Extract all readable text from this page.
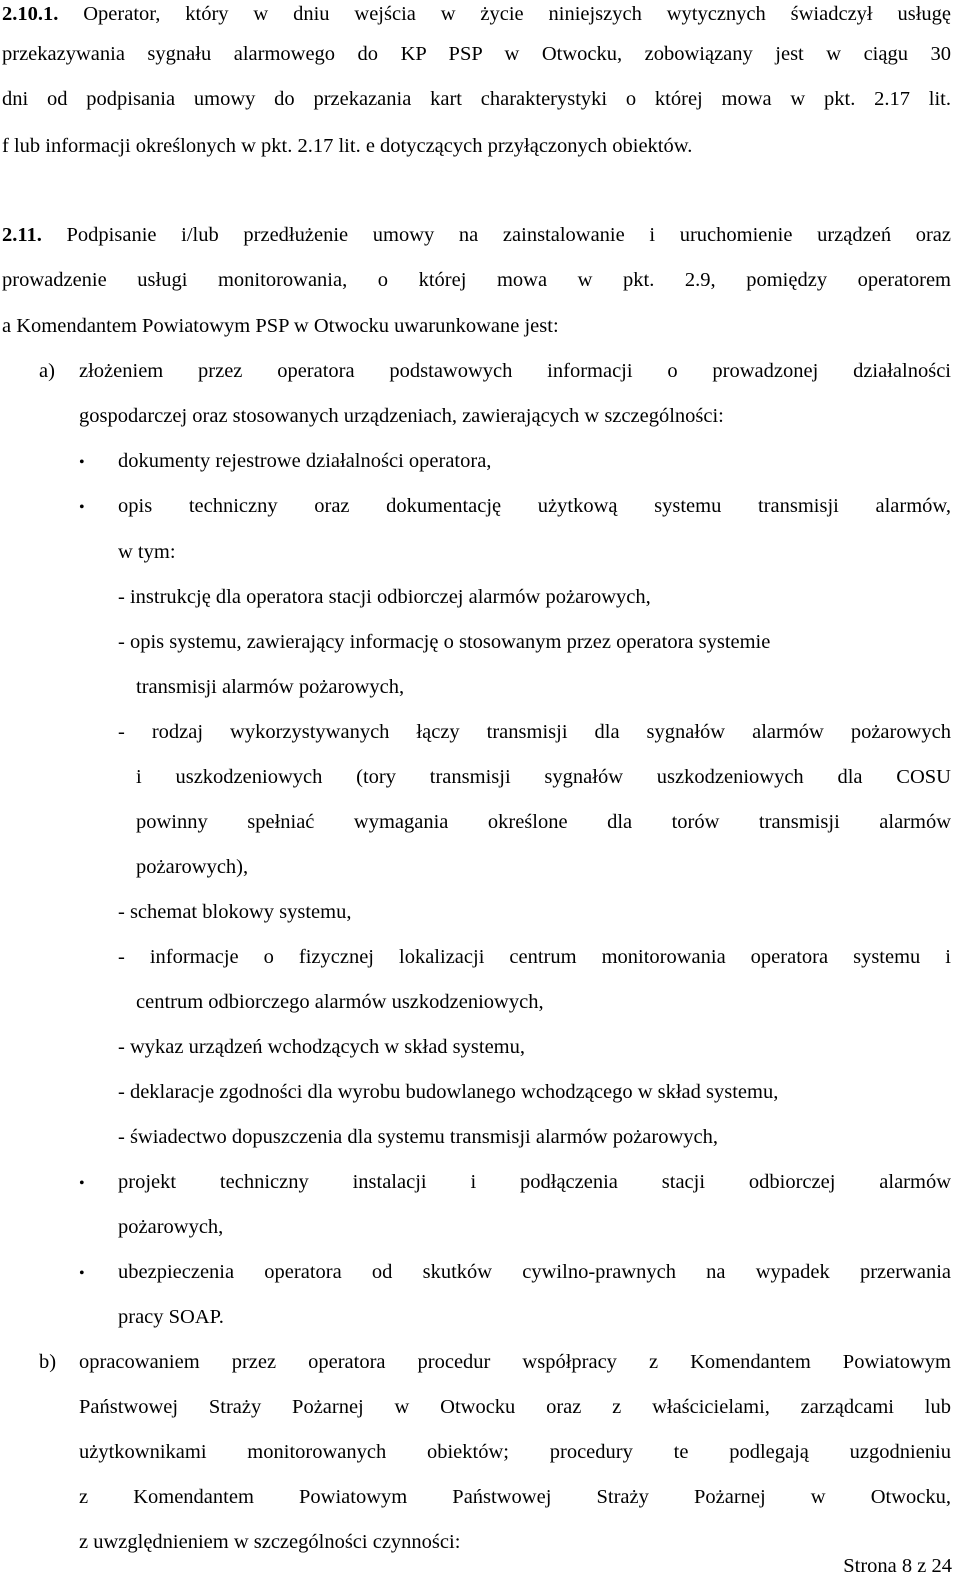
2.10.1. Operator, który w dniu wejścia w życie niniejszych wytycznych świadczył usługę
przekazywania sygnału alarmowego do KP PSP w Otwocku, zobowiązany jest w ciągu 30
dni od podpisania umowy do przekazania kart charakterystyki o której mowa w pkt. 2.17 lit.
f lub informacji określonych w pkt. 2.17 lit. e dotyczących przyłączonych obiektów.
2.11. Podpisanie i/lub przedłużenie umowy na zainstalowanie i uruchomienie urządzeń oraz
prowadzenie usługi monitorowania, o której mowa w pkt. 2.9, pomiędzy operatorem
a Komendantem Powiatowym PSP w Otwocku uwarunkowane jest:
a) złożeniem przez operatora podstawowych informacji o prowadzonej działalności
gospodarczej oraz stosowanych urządzeniach, zawierających w szczególności:
• dokumenty rejestrowe działalności operatora,
• opis techniczny oraz dokumentację użytkową systemu transmisji alarmów,
w tym:
- instrukcję dla operatora stacji odbiorczej alarmów pożarowych,
- opis systemu, zawierający informację o stosowanym przez operatora systemie
transmisji alarmów pożarowych,
- rodzaj wykorzystywanych łączy transmisji dla sygnałów alarmów pożarowych
i uszkodzeniowych (tory transmisji sygnałów uszkodzeniowych dla COSU
powinny spełniać wymagania określone dla torów transmisji alarmów
pożarowych),
- schemat blokowy systemu,
- informacje o fizycznej lokalizacji centrum monitorowania operatora systemu i
centrum odbiorczego alarmów uszkodzeniowych,
- wykaz urządzeń wchodzących w skład systemu,
- deklaracje zgodności dla wyrobu budowlanego wchodzącego w skład systemu,
- świadectwo dopuszczenia dla systemu transmisji alarmów pożarowych,
• projekt techniczny instalacji i podłączenia stacji odbiorczej alarmów
pożarowych,
• ubezpieczenia operatora od skutków cywilno-prawnych na wypadek przerwania
pracy SOAP.
b) opracowaniem przez operatora procedur współpracy z Komendantem Powiatowym
Państwowej Straży Pożarnej w Otwocku oraz z właścicielami, zarządcami lub
użytkownikami monitorowanych obiektów; procedury te podlegają uzgodnieniu
z Komendantem Powiatowym Państwowej Straży Pożarnej w Otwocku,
z uwzględnieniem w szczególności czynności:
Strona 8 z 24
